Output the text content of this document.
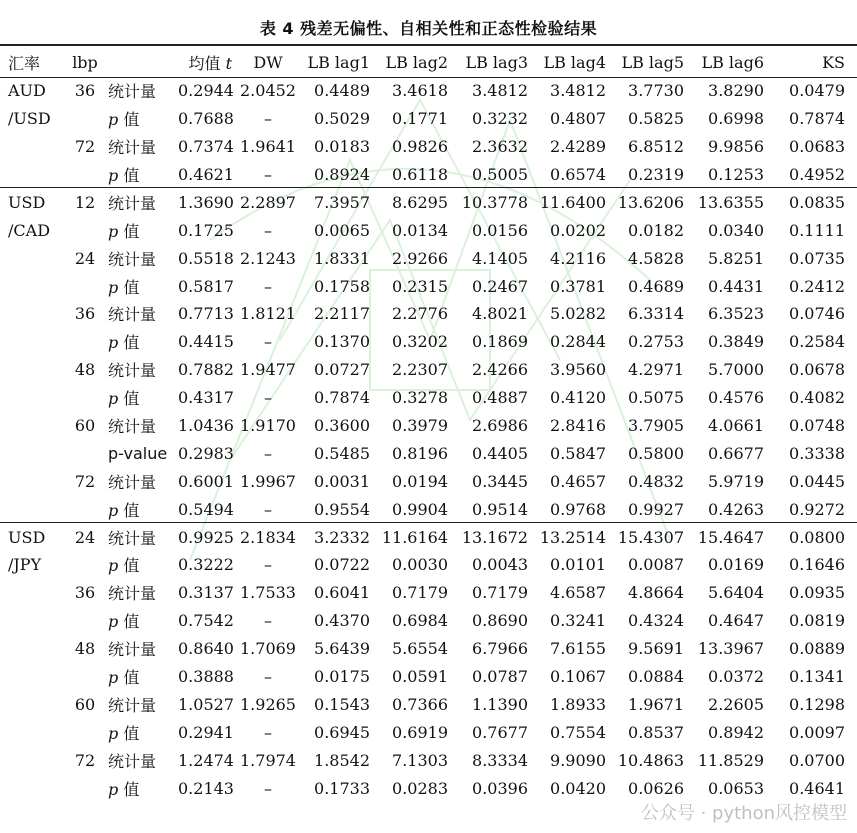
表 4 残差无偏性、自相关性和正态性检验结果
汇率	lbp		均值 t	DW	LB lag1	LB lag2	LB lag3	LB lag4	LB lag5	LB lag6	KS
AUD	36	统计量	0.2944	2.0452	0.4489	3.4618	3.4812	3.4812	3.7730	3.8290	0.0479
/USD		p 值	0.7688	–	0.5029	0.1771	0.3232	0.4807	0.5825	0.6998	0.7874
	72	统计量	0.7374	1.9641	0.0183	0.9826	2.3632	2.4289	6.8512	9.9856	0.0683
		p 值	0.4621	–	0.8924	0.6118	0.5005	0.6574	0.2319	0.1253	0.4952
USD	12	统计量	1.3690	2.2897	7.3957	8.6295	10.3778	11.6400	13.6206	13.6355	0.0835
/CAD		p 值	0.1725	–	0.0065	0.0134	0.0156	0.0202	0.0182	0.0340	0.1111
	24	统计量	0.5518	2.1243	1.8331	2.9266	4.1405	4.2116	4.5828	5.8251	0.0735
		p 值	0.5817	–	0.1758	0.2315	0.2467	0.3781	0.4689	0.4431	0.2412
	36	统计量	0.7713	1.8121	2.2117	2.2776	4.8021	5.0282	6.3314	6.3523	0.0746
		p 值	0.4415	–	0.1370	0.3202	0.1869	0.2844	0.2753	0.3849	0.2584
	48	统计量	0.7882	1.9477	0.0727	2.2307	2.4266	3.9560	4.2971	5.7000	0.0678
		p 值	0.4317	–	0.7874	0.3278	0.4887	0.4120	0.5075	0.4576	0.4082
	60	统计量	1.0436	1.9170	0.3600	0.3979	2.6986	2.8416	3.7905	4.0661	0.0748
		p-value	0.2983	–	0.5485	0.8196	0.4405	0.5847	0.5800	0.6677	0.3338
	72	统计量	0.6001	1.9967	0.0031	0.0194	0.3445	0.4657	0.4832	5.9719	0.0445
		p 值	0.5494	–	0.9554	0.9904	0.9514	0.9768	0.9927	0.4263	0.9272
USD	24	统计量	0.9925	2.1834	3.2332	11.6164	13.1672	13.2514	15.4307	15.4647	0.0800
/JPY		p 值	0.3222	–	0.0722	0.0030	0.0043	0.0101	0.0087	0.0169	0.1646
	36	统计量	0.3137	1.7533	0.6041	0.7179	0.7179	4.6587	4.8664	5.6404	0.0935
		p 值	0.7542	–	0.4370	0.6984	0.8690	0.3241	0.4324	0.4647	0.0819
	48	统计量	0.8640	1.7069	5.6439	5.6554	6.7966	7.6155	9.5691	13.3967	0.0889
		p 值	0.3888	–	0.0175	0.0591	0.0787	0.1067	0.0884	0.0372	0.1341
	60	统计量	1.0527	1.9265	0.1543	0.7366	1.1390	1.8933	1.9671	2.2605	0.1298
		p 值	0.2941	–	0.6945	0.6919	0.7677	0.7554	0.8537	0.8942	0.0097
	72	统计量	1.2474	1.7974	1.8542	7.1303	8.3334	9.9090	10.4863	11.8529	0.0700
		p 值	0.2143	–	0.1733	0.0283	0.0396	0.0420	0.0626	0.0653	0.4641
公众号 · python风控模型
